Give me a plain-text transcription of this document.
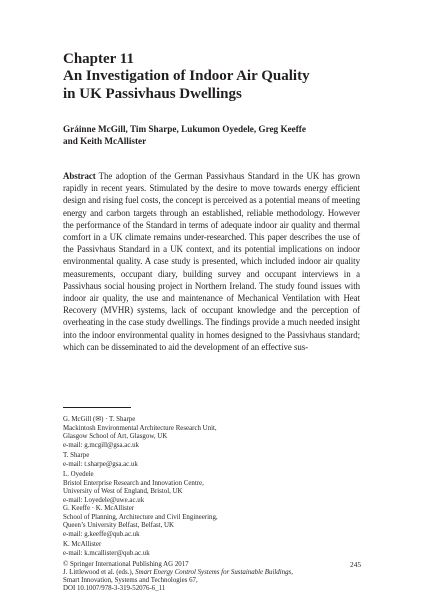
Chapter 11
An Investigation of Indoor Air Quality
in UK Passivhaus Dwellings
Gráinne McGill, Tim Sharpe, Lukumon Oyedele, Greg Keeffe
and Keith McAllister
Abstract The adoption of the German Passivhaus Standard in the UK has grown rapidly in recent years. Stimulated by the desire to move towards energy efficient design and rising fuel costs, the concept is perceived as a potential means of meeting energy and carbon targets through an established, reliable methodology. However the performance of the Standard in terms of adequate indoor air quality and thermal comfort in a UK climate remains under-researched. This paper describes the use of the Passivhaus Standard in a UK context, and its potential implications on indoor environmental quality. A case study is presented, which included indoor air quality measurements, occupant diary, building survey and occupant interviews in a Passivhaus social housing project in Northern Ireland. The study found issues with indoor air quality, the use and maintenance of Mechanical Ventilation with Heat Recovery (MVHR) systems, lack of occupant knowledge and the perception of overheating in the case study dwellings. The findings provide a much needed insight into the indoor environmental quality in homes designed to the Passivhaus standard; which can be disseminated to aid the development of an effective sus-
G. McGill (✉) · T. Sharpe
Mackintosh Environmental Architecture Research Unit,
Glasgow School of Art, Glasgow, UK
e-mail: g.mcgill@gsa.ac.uk
T. Sharpe
e-mail: t.sharpe@gsa.ac.uk
L. Oyedele
Bristol Enterprise Research and Innovation Centre,
University of West of England, Bristol, UK
e-mail: Loyedele@uwe.ac.uk
G. Keeffe · K. McAllister
School of Planning, Architecture and Civil Engineering,
Queen’s University Belfast, Belfast, UK
e-mail: g.keeffe@qub.ac.uk
K. McAllister
e-mail: k.mcallister@qub.ac.uk
© Springer International Publishing AG 2017
J. Littlewood et al. (eds.), Smart Energy Control Systems for Sustainable Buildings,
Smart Innovation, Systems and Technologies 67,
DOI 10.1007/978-3-319-52076-6_11
245
